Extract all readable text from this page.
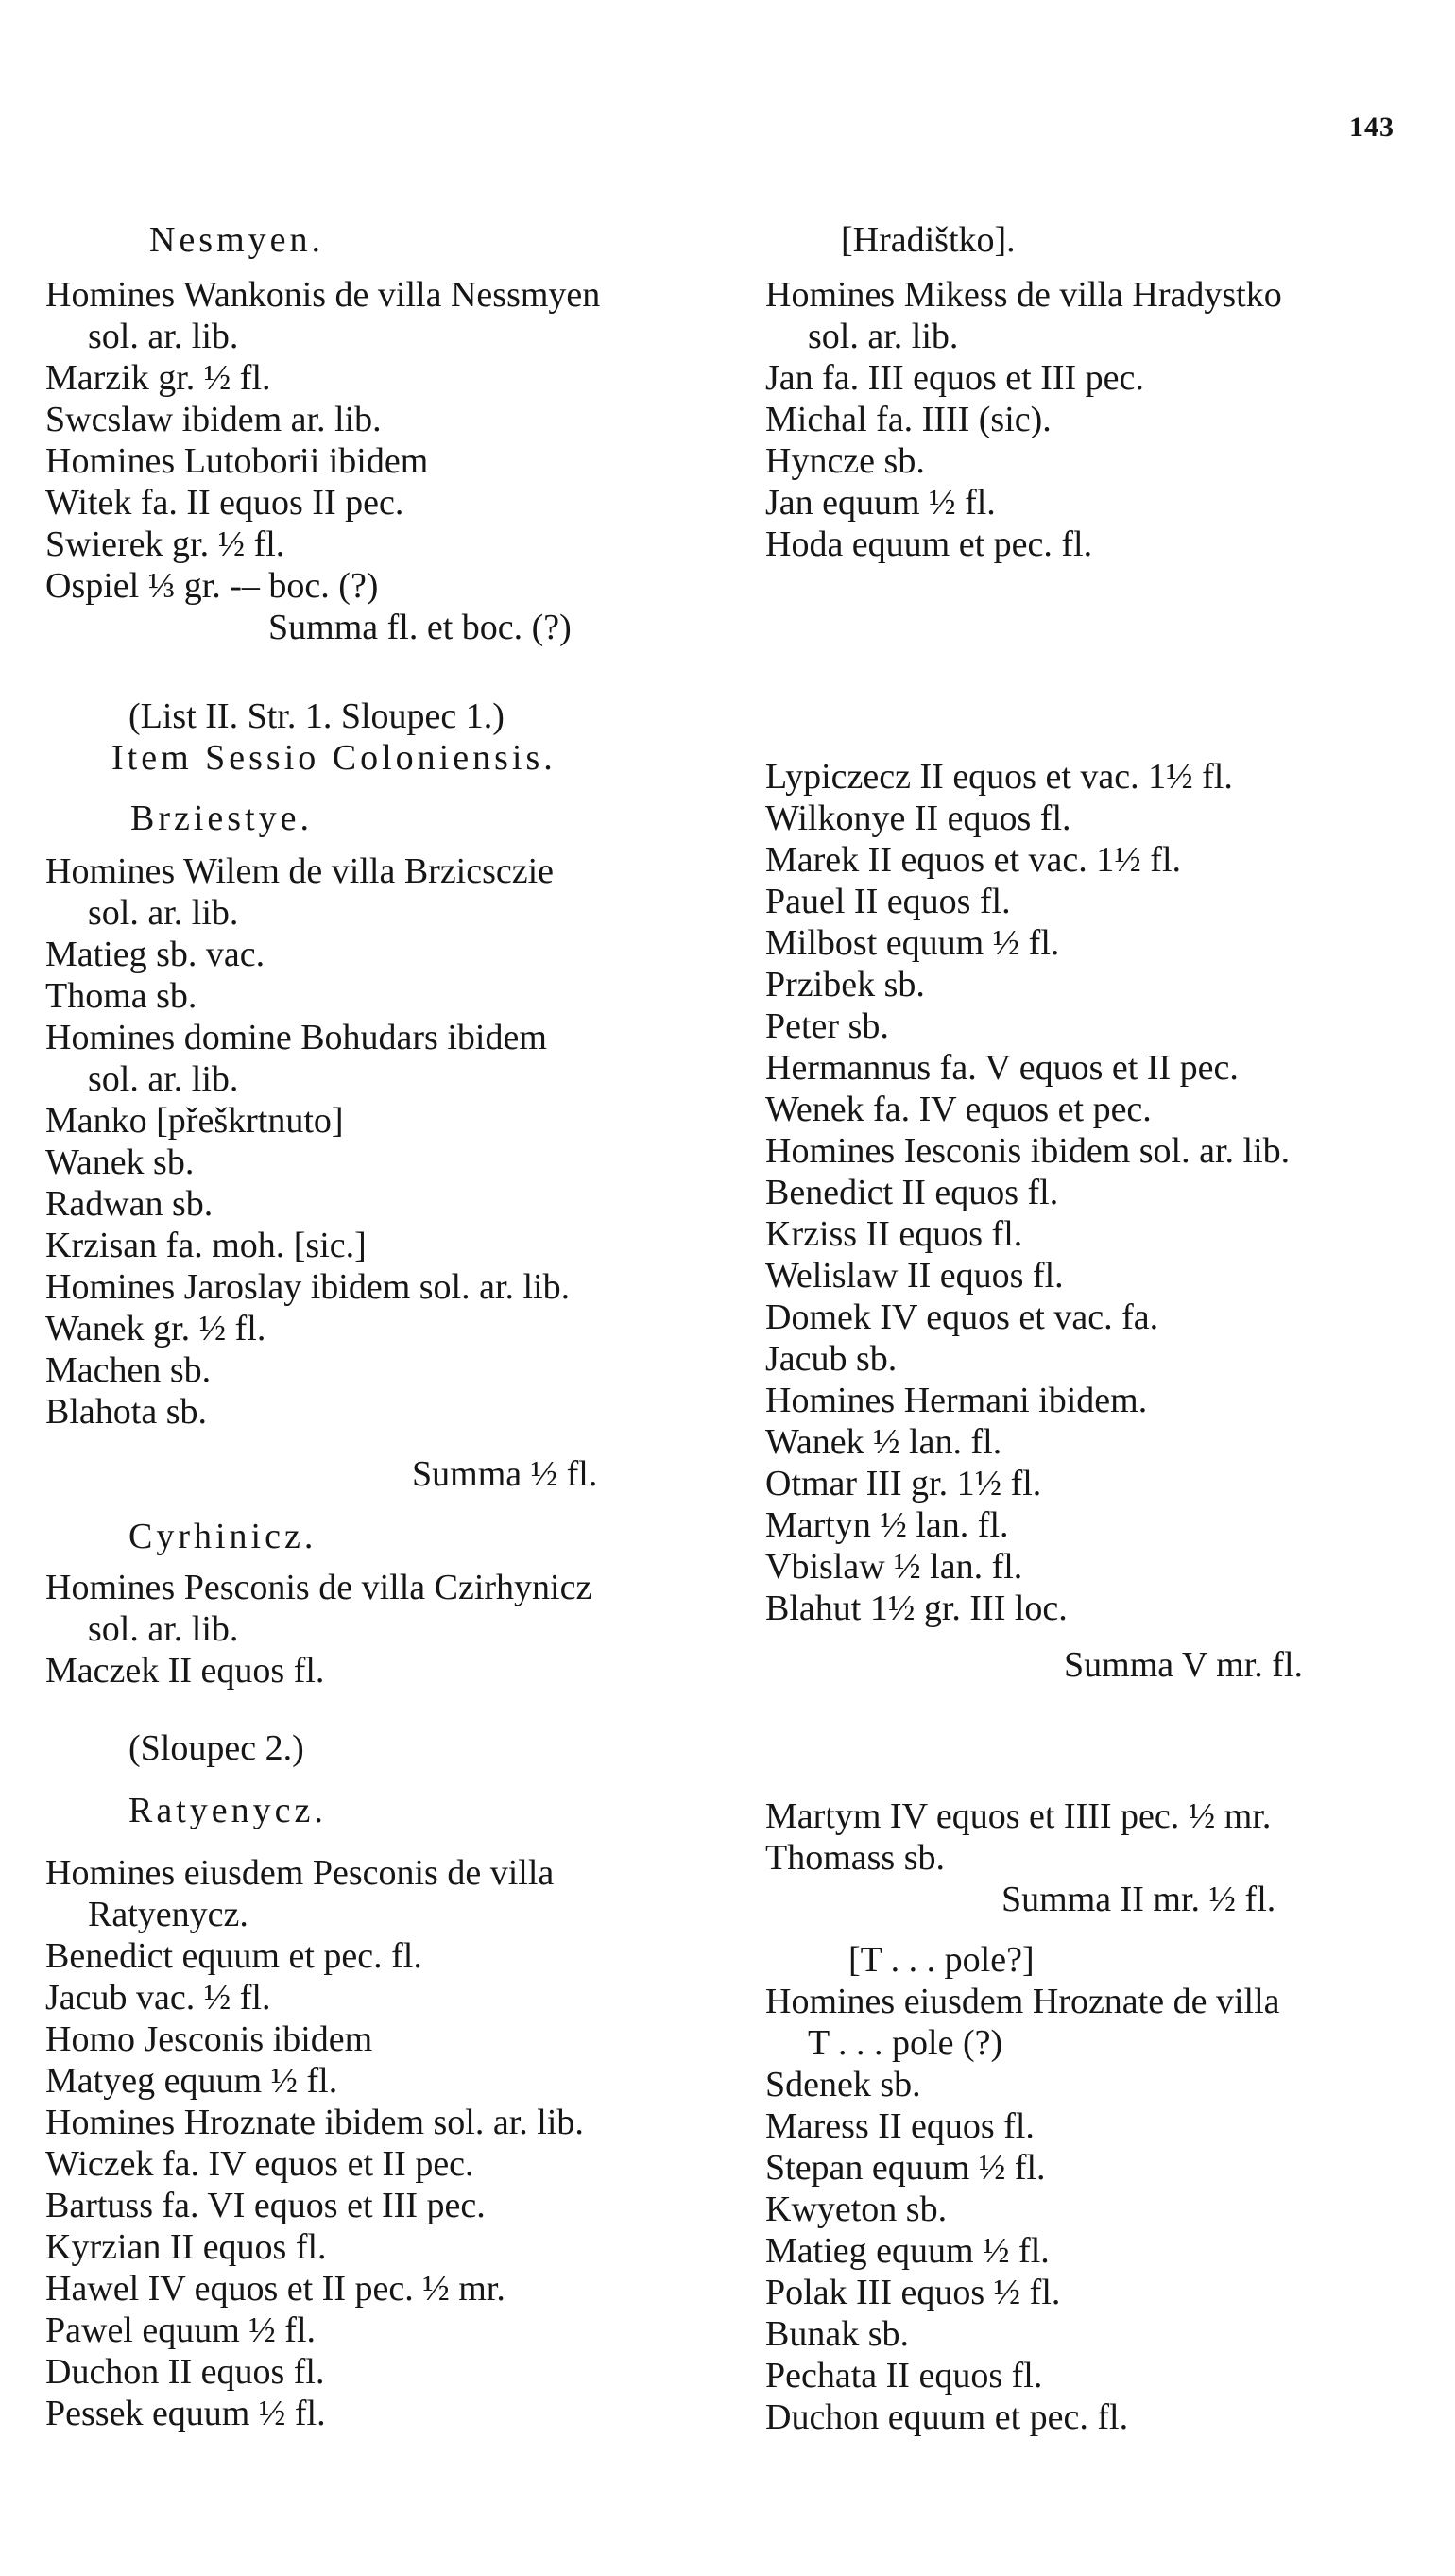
143
Nesmyen.
Homines Wankonis de villa Nessmyen
sol. ar. lib.
Marzik gr. ½ fl.
Swcslaw ibidem ar. lib.
Homines Lutoborii ibidem
Witek fa. II equos II pec.
Swierek gr. ½ fl.
Ospiel ⅓ gr. -– boc. (?)
Summa fl. et boc. (?)
(List II. Str. 1. Sloupec 1.)
Item Sessio Coloniensis.
Brziestye.
Homines Wilem de villa Brzicsczie
sol. ar. lib.
Matieg sb. vac.
Thoma sb.
Homines domine Bohudars ibidem
sol. ar. lib.
Manko [přeškrtnuto]
Wanek sb.
Radwan sb.
Krzisan fa. moh. [sic.]
Homines Jaroslay ibidem sol. ar. lib.
Wanek gr. ½ fl.
Machen sb.
Blahota sb.
Summa ½ fl.
Cyrhinicz.
Homines Pesconis de villa Czirhynicz
sol. ar. lib.
Maczek II equos fl.
(Sloupec 2.)
Ratyenycz.
Homines eiusdem Pesconis de villa
Ratyenycz.
Benedict equum et pec. fl.
Jacub vac. ½ fl.
Homo Jesconis ibidem
Matyeg equum ½ fl.
Homines Hroznate ibidem sol. ar. lib.
Wiczek fa. IV equos et II pec.
Bartuss fa. VI equos et III pec.
Kyrzian II equos fl.
Hawel IV equos et II pec. ½ mr.
Pawel equum ½ fl.
Duchon II equos fl.
Pessek equum ½ fl.
[Hradištko].
Homines Mikess de villa Hradystko
sol. ar. lib.
Jan fa. III equos et III pec.
Michal fa. IIII (sic).
Hyncze sb.
Jan equum ½ fl.
Hoda equum et pec. fl.
Lypiczecz II equos et vac. 1½ fl.
Wilkonye II equos fl.
Marek II equos et vac. 1½ fl.
Pauel II equos fl.
Milbost equum ½ fl.
Przibek sb.
Peter sb.
Hermannus fa. V equos et II pec.
Wenek fa. IV equos et pec.
Homines Iesconis ibidem sol. ar. lib.
Benedict II equos fl.
Krziss II equos fl.
Welislaw II equos fl.
Domek IV equos et vac. fa.
Jacub sb.
Homines Hermani ibidem.
Wanek ½ lan. fl.
Otmar III gr. 1½ fl.
Martyn ½ lan. fl.
Vbislaw ½ lan. fl.
Blahut 1½ gr. III loc.
Summa V mr. fl.
Martym IV equos et IIII pec. ½ mr.
Thomass sb.
Summa II mr. ½ fl.
[T . . . pole?]
Homines eiusdem Hroznate de villa
T . . . pole (?)
Sdenek sb.
Maress II equos fl.
Stepan equum ½ fl.
Kwyeton sb.
Matieg equum ½ fl.
Polak III equos ½ fl.
Bunak sb.
Pechata II equos fl.
Duchon equum et pec. fl.
